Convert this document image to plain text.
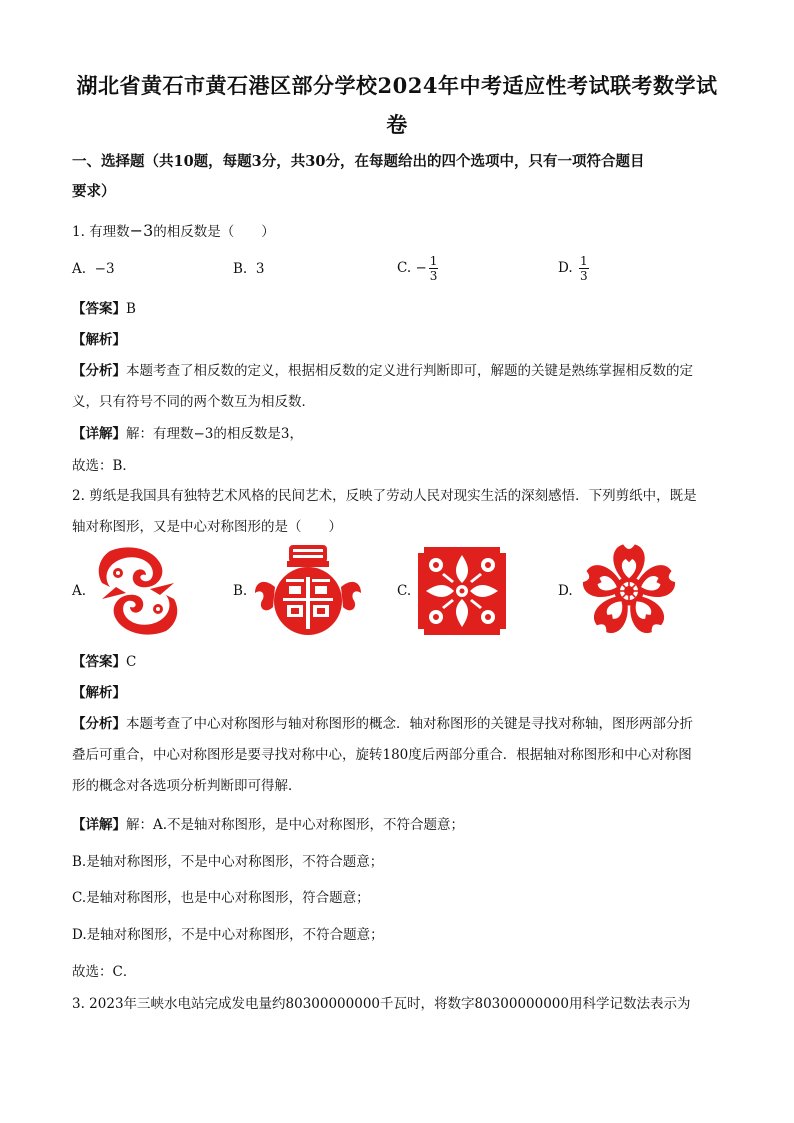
湖北省黄石市黄石港区部分学校2024年中考适应性考试联考数学试
卷
一、选择题（共10题，每题3分，共30分，在每题给出的四个选项中，只有一项符合题目
要求）
1. 有理数−3的相反数是（　　）
A. −3	B. 3	C. − $\frac{1}{3}$	D. $\frac{1}{3}$
【答案】B
【解析】
【分析】本题考查了相反数的定义，根据相反数的定义进行判断即可，解题的关键是熟练掌握相反数的定
义，只有符号不同的两个数互为相反数．
【详解】解：有理数−3的相反数是3，
故选：B．
2. 剪纸是我国具有独特艺术风格的民间艺术，反映了劳动人民对现实生活的深刻感悟．下列剪纸中，既是
轴对称图形，又是中心对称图形的是（　　）
A.	B.	C.	D.
【答案】C
【解析】
【分析】本题考查了中心对称图形与轴对称图形的概念．轴对称图形的关键是寻找对称轴，图形两部分折
叠后可重合，中心对称图形是要寻找对称中心，旋转180度后两部分重合．根据轴对称图形和中心对称图
形的概念对各选项分析判断即可得解．
【详解】解：A.不是轴对称图形，是中心对称图形，不符合题意；
B.是轴对称图形，不是中心对称图形，不符合题意；
C.是轴对称图形，也是中心对称图形，符合题意；
D.是轴对称图形，不是中心对称图形，不符合题意；
故选：C．
3. 2023年三峡水电站完成发电量约80300000000千瓦时，将数字80300000000用科学记数法表示为
